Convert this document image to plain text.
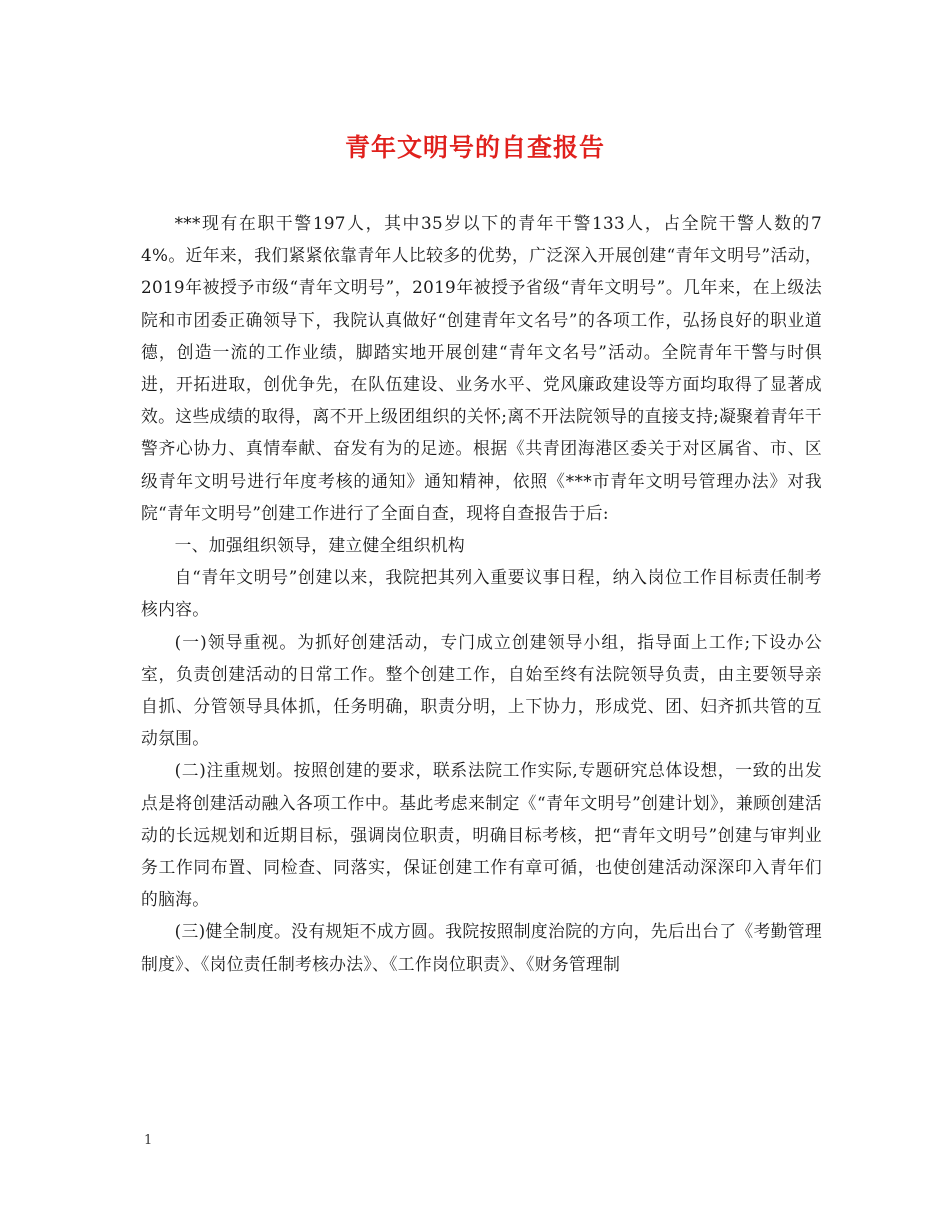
青年文明号的自查报告

***现有在职干警197人，其中35岁以下的青年干警133人，占全院干警人数的74%。近年来，我们紧紧依靠青年人比较多的优势，广泛深入开展创建“青年文明号”活动，2019年被授予市级“青年文明号”，2019年被授予省级“青年文明号”。几年来，在上级法院和市团委正确领导下，我院认真做好“创建青年文名号”的各项工作，弘扬良好的职业道德，创造一流的工作业绩，脚踏实地开展创建“青年文名号”活动。全院青年干警与时俱进，开拓进取，创优争先，在队伍建设、业务水平、党风廉政建设等方面均取得了显著成效。这些成绩的取得，离不开上级团组织的关怀;离不开法院领导的直接支持;凝聚着青年干警齐心协力、真情奉献、奋发有为的足迹。根据《共青团海港区委关于对区属省、市、区级青年文明号进行年度考核的通知》通知精神，依照《***市青年文明号管理办法》对我院“青年文明号”创建工作进行了全面自查，现将自查报告于后:

一、加强组织领导，建立健全组织机构

自“青年文明号”创建以来，我院把其列入重要议事日程，纳入岗位工作目标责任制考核内容。

(一)领导重视。为抓好创建活动，专门成立创建领导小组，指导面上工作;下设办公室，负责创建活动的日常工作。整个创建工作，自始至终有法院领导负责，由主要领导亲自抓、分管领导具体抓，任务明确，职责分明，上下协力，形成党、团、妇齐抓共管的互动氛围。

(二)注重规划。按照创建的要求，联系法院工作实际,专题研究总体设想，一致的出发点是将创建活动融入各项工作中。基此考虑来制定《“青年文明号”创建计划》，兼顾创建活动的长远规划和近期目标，强调岗位职责，明确目标考核，把“青年文明号”创建与审判业务工作同布置、同检查、同落实，保证创建工作有章可循，也使创建活动深深印入青年们的脑海。

(三)健全制度。没有规矩不成方圆。我院按照制度治院的方向，先后出台了《考勤管理制度》、《岗位责任制考核办法》、《工作岗位职责》、《财务管理制

1
